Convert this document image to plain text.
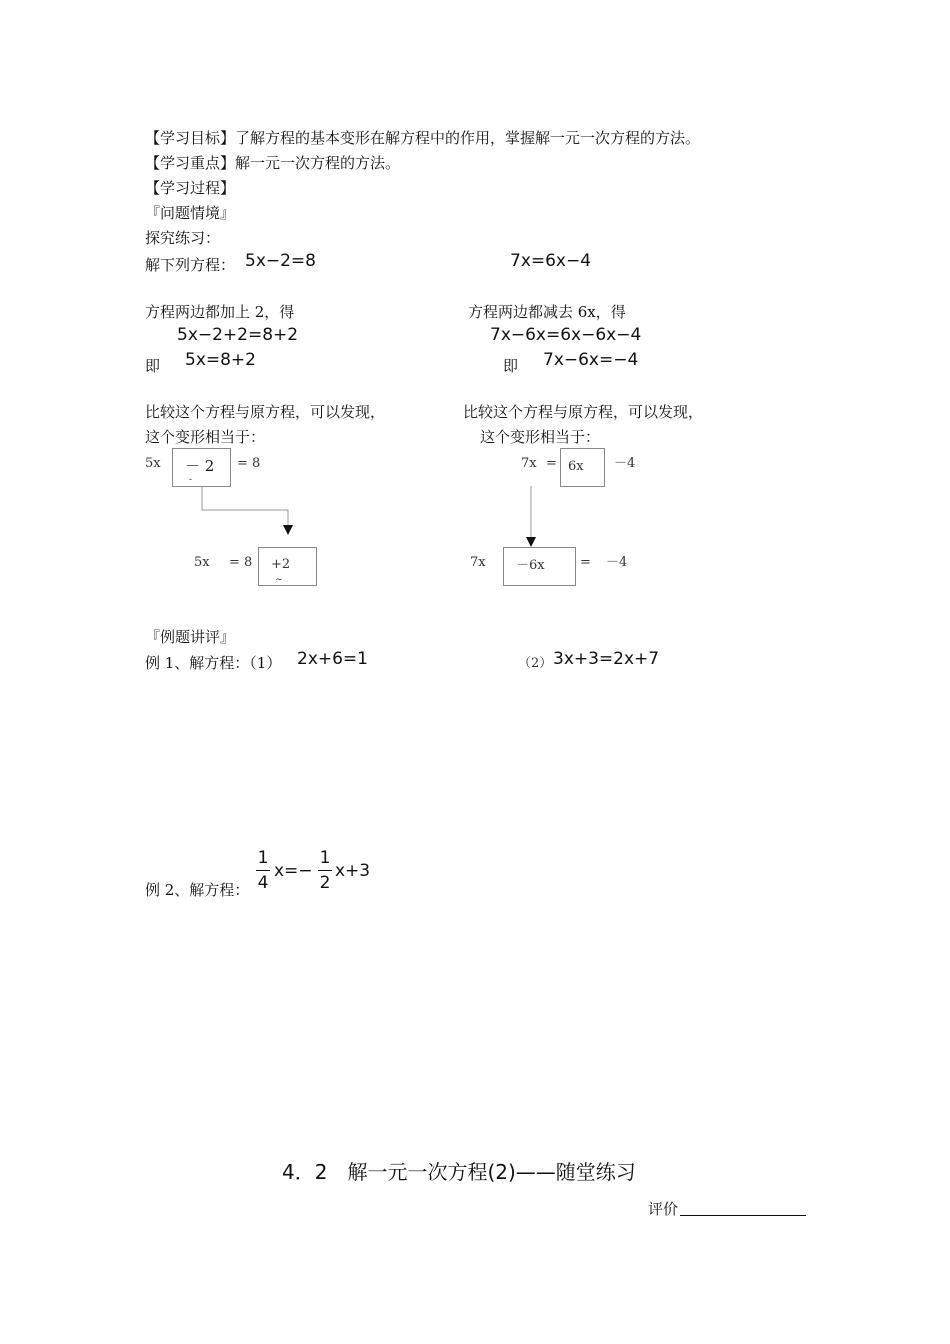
【学习目标】了解方程的基本变形在解方程中的作用，掌握解一元一次方程的方法。
【学习重点】解一元一次方程的方法。
【学习过程】
『问题情境』
探究练习：
解下列方程： 5x−2=8	7x=6x−4
方程两边都加上 2，得
5x−2+2=8+2
即 5x=8+2
方程两边都减去 6x，得
7x−6x=6x−6x−4
即 7x−6x=−4
比较这个方程与原方程，可以发现，
这个变形相当于：
比较这个方程与原方程，可以发现，
这个变形相当于：
5x － 2
-
= 8
5x = 8 +2
~
7x = 6x －4
7x －6x	= －4
『例题讲评』
例 1、解方程：（1） 2x+6=1	（2） 3x+3=2x+7
例 2、解方程：
1
4
x=−
1
2
x+3
4．2　解一元一次方程(2)——随堂练习
评价
